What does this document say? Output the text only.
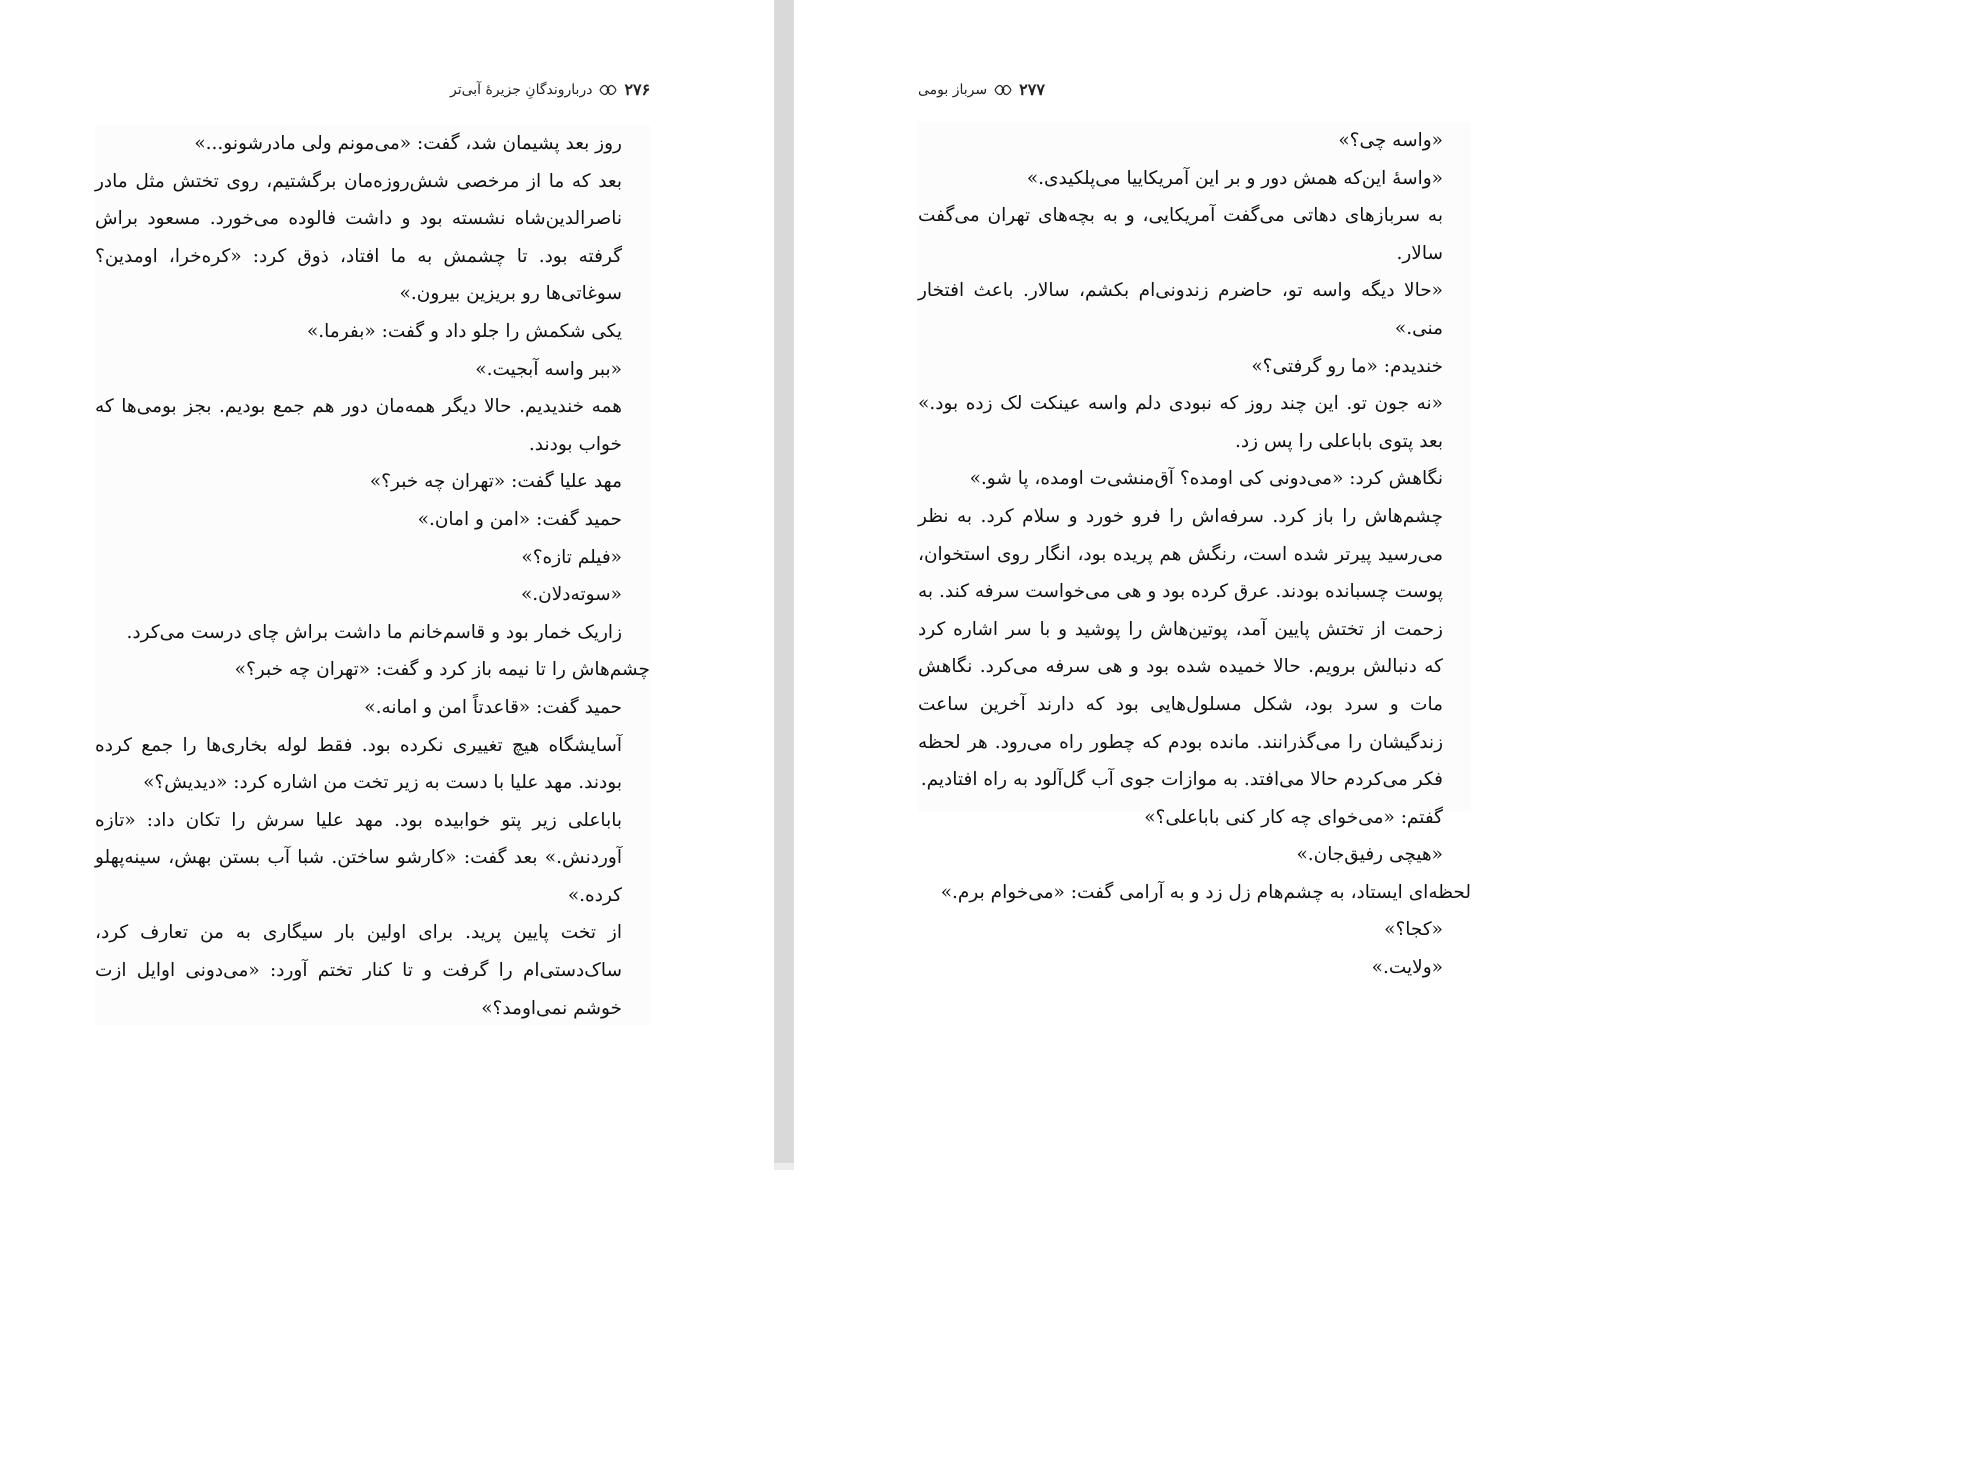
۲۷۶
درباروندگانِ جزیرهٔ آبی‌تر

روز بعد پشیمان شد، گفت: «می‌مونم ولی مادرشونو...»

بعد که ما از مرخصی شش‌روزه‌مان برگشتیم، روی تختش مثل مادر ناصرالدین‌شاه نشسته بود و داشت فالوده می‌خورد. مسعود براش گرفته بود. تا چشمش به ما افتاد، ذوق کرد: «کره‌خرا، اومدین؟ سوغاتی‌ها رو بریزین بیرون.»

یکی شکمش را جلو داد و گفت: «بفرما.»

«ببر واسه آبجیت.»

همه خندیدیم. حالا دیگر همه‌مان دور هم جمع بودیم. بجز بومی‌ها که خواب بودند.

مهد علیا گفت: «تهران چه خبر؟»

حمید گفت: «امن و امان.»

«فیلم تازه؟»

«سوته‌دلان.»

زاریک خمار بود و قاسم‌خانم ما داشت براش چای درست می‌کرد.

چشم‌هاش را تا نیمه باز کرد و گفت: «تهران چه خبر؟»

حمید گفت: «قاعدتاً امن و امانه.»

آسایشگاه هیچ تغییری نکرده بود. فقط لوله بخاری‌ها را جمع کرده بودند. مهد علیا با دست به زیر تخت من اشاره کرد: «دیدیش؟»

باباعلی زیر پتو خوابیده بود. مهد علیا سرش را تکان داد: «تازه آوردنش.» بعد گفت: «کارشو ساختن. شبا آب بستن بهش، سینه‌پهلو کرده.»

از تخت پایین پرید. برای اولین بار سیگاری به من تعارف کرد، ساک‌دستی‌ام را گرفت و تا کنار تختم آورد: «می‌دونی اوایل ازت خوشم نمی‌اومد؟»

۲۷۷
سرباز بومی

«واسه چی؟»

«واسهٔ این‌که همش دور و بر این آمریکاییا می‌پلکیدی.»

به سربازهای دهاتی می‌گفت آمریکایی، و به بچه‌های تهران می‌گفت سالار.

«حالا دیگه واسه تو، حاضرم زندونی‌ام بکشم، سالار. باعث افتخار منی.»

خندیدم: «ما رو گرفتی؟»

«نه جون تو. این چند روز که نبودی دلم واسه عینکت لک زده بود.» بعد پتوی باباعلی را پس زد.

نگاهش کرد: «می‌دونی کی اومده؟ آق‌منشی‌ت اومده، پا شو.»

چشم‌هاش را باز کرد. سرفه‌اش را فرو خورد و سلام کرد. به نظر می‌رسید پیرتر شده است، رنگش هم پریده بود، انگار روی استخوان، پوست چسبانده بودند. عرق کرده بود و هی می‌خواست سرفه کند. به زحمت از تختش پایین آمد، پوتین‌هاش را پوشید و با سر اشاره کرد که دنبالش برویم. حالا خمیده شده بود و هی سرفه می‌کرد. نگاهش مات و سرد بود، شکل مسلول‌هایی بود که دارند آخرین ساعت زندگیشان را می‌گذرانند. مانده بودم که چطور راه می‌رود. هر لحظه فکر می‌کردم حالا می‌افتد. به موازات جوی آب گل‌آلود به راه افتادیم.

گفتم: «می‌خوای چه کار کنی باباعلی؟»

«هیچی رفیق‌جان.»

لحظه‌ای ایستاد، به چشم‌هام زل زد و به آرامی گفت: «می‌خوام برم.»

«کجا؟»

«ولایت.»
